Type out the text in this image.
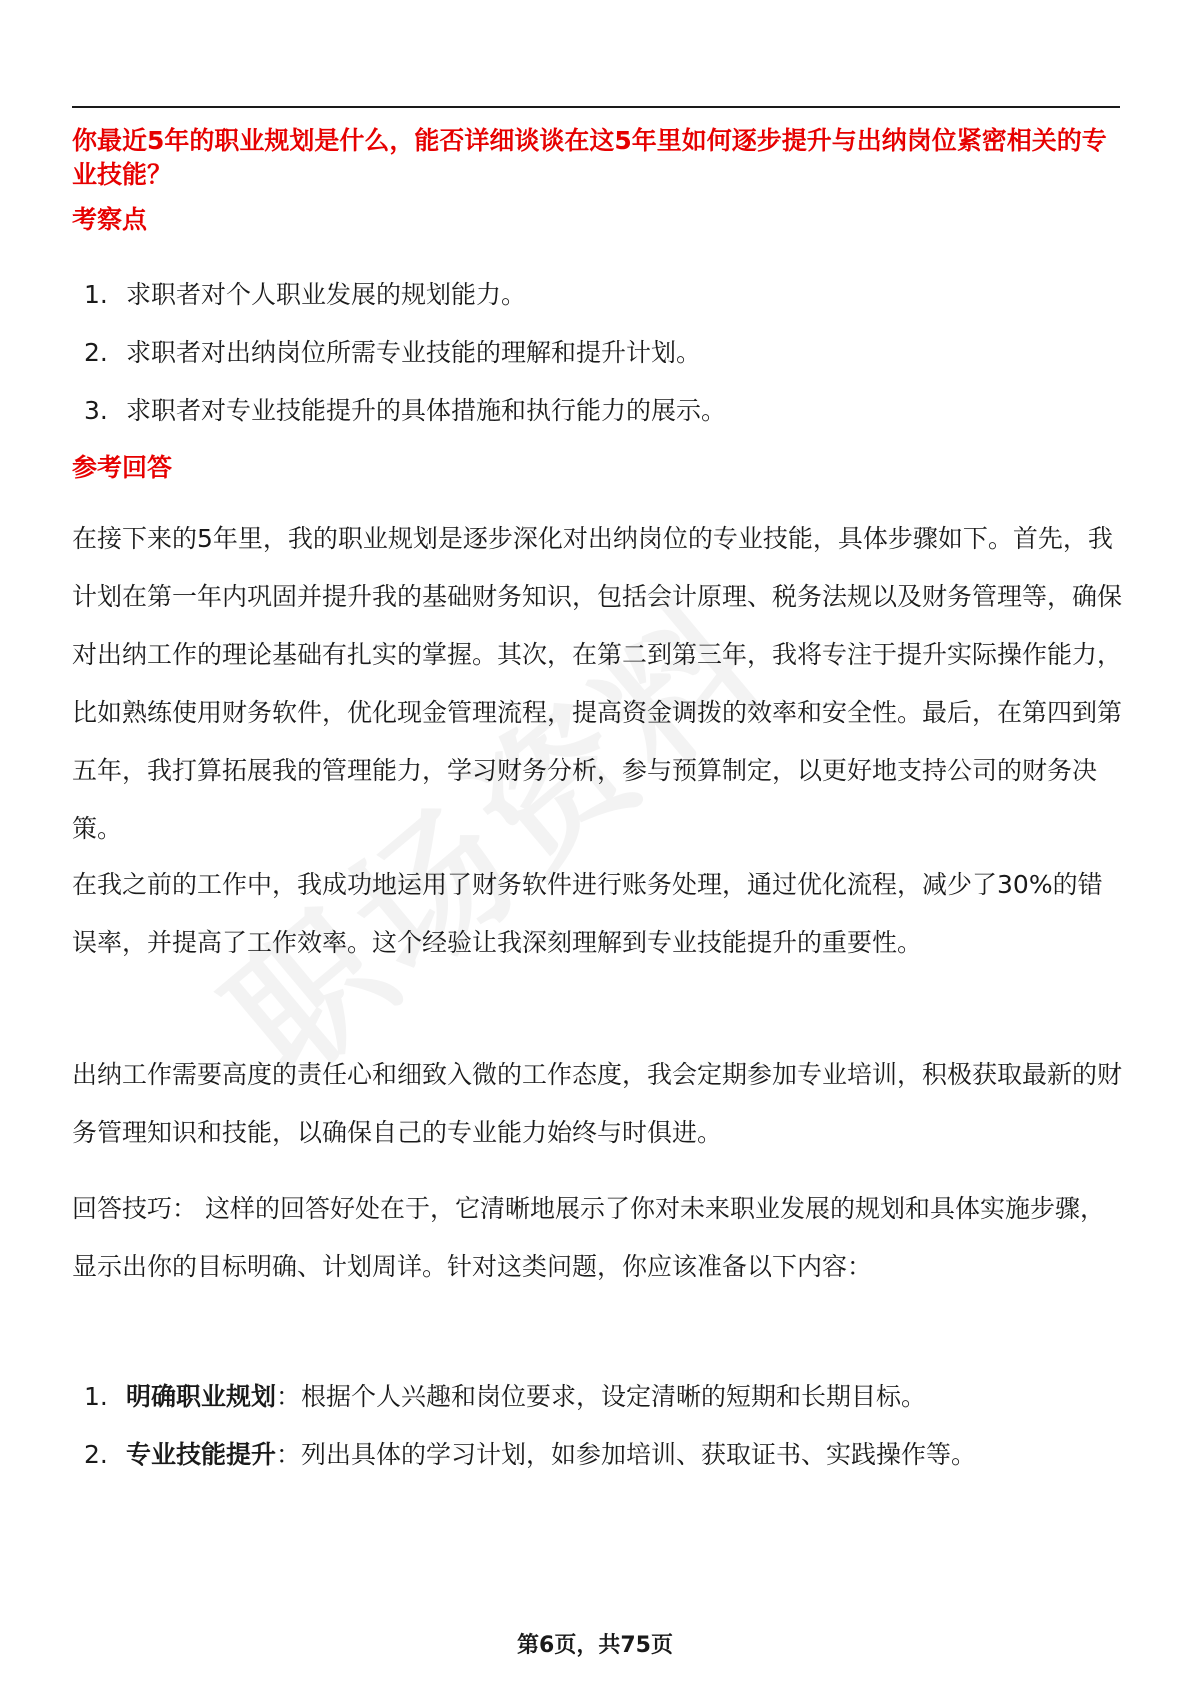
你最近5年的职业规划是什么，能否详细谈谈在这5年里如何逐步提升与出纳岗位紧密相关的专业技能？
考察点
1. 求职者对个人职业发展的规划能力。
2. 求职者对出纳岗位所需专业技能的理解和提升计划。
3. 求职者对专业技能提升的具体措施和执行能力的展示。
参考回答

在接下来的5年里，我的职业规划是逐步深化对出纳岗位的专业技能，具体步骤如下。首先，我计划在第一年内巩固并提升我的基础财务知识，包括会计原理、税务法规以及财务管理等，确保对出纳工作的理论基础有扎实的掌握。其次，在第二到第三年，我将专注于提升实际操作能力，比如熟练使用财务软件，优化现金管理流程，提高资金调拨的效率和安全性。最后，在第四到第五年，我打算拓展我的管理能力，学习财务分析，参与预算制定，以更好地支持公司的财务决策。

在我之前的工作中，我成功地运用了财务软件进行账务处理，通过优化流程，减少了30%的错误率，并提高了工作效率。这个经验让我深刻理解到专业技能提升的重要性。

出纳工作需要高度的责任心和细致入微的工作态度，我会定期参加专业培训，积极获取最新的财务管理知识和技能，以确保自己的专业能力始终与时俱进。

回答技巧： 这样的回答好处在于，它清晰地展示了你对未来职业发展的规划和具体实施步骤，显示出你的目标明确、计划周详。针对这类问题，你应该准备以下内容：

1. 明确职业规划：根据个人兴趣和岗位要求，设定清晰的短期和长期目标。
2. 专业技能提升：列出具体的学习计划，如参加培训、获取证书、实践操作等。
第6页，共75页
